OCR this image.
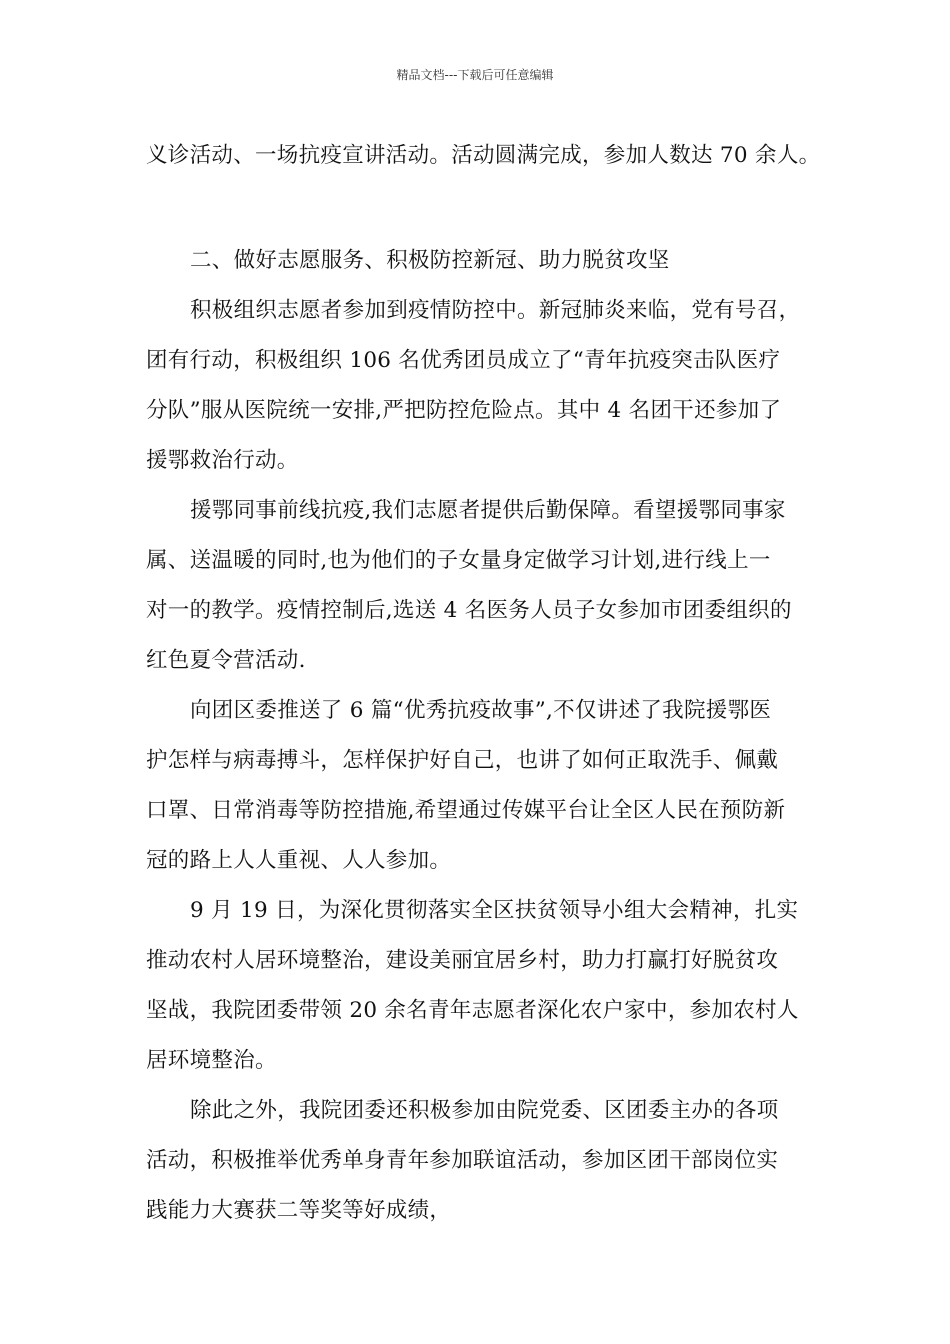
精品文档---下载后可任意编辑
义诊活动、一场抗疫宣讲活动。活动圆满完成，参加人数达 70 余人。
二、做好志愿服务、积极防控新冠、助力脱贫攻坚
积极组织志愿者参加到疫情防控中。新冠肺炎来临，党有号召，
团有行动，积极组织 106 名优秀团员成立了“青年抗疫突击队医疗
分队”服从医院统一安排,严把防控危险点。其中 4 名团干还参加了
援鄂救治行动。
援鄂同事前线抗疫,我们志愿者提供后勤保障。看望援鄂同事家
属、送温暖的同时,也为他们的子女量身定做学习计划,进行线上一
对一的教学。疫情控制后,选送 4 名医务人员子女参加市团委组织的
红色夏令营活动.
向团区委推送了 6 篇“优秀抗疫故事”,不仅讲述了我院援鄂医
护怎样与病毒搏斗，怎样保护好自己，也讲了如何正取洗手、佩戴
口罩、日常消毒等防控措施,希望通过传媒平台让全区人民在预防新
冠的路上人人重视、人人参加。
9 月 19 日，为深化贯彻落实全区扶贫领导小组大会精神，扎实
推动农村人居环境整治，建设美丽宜居乡村，助力打赢打好脱贫攻
坚战，我院团委带领 20 余名青年志愿者深化农户家中，参加农村人
居环境整治。
除此之外，我院团委还积极参加由院党委、区团委主办的各项
活动，积极推举优秀单身青年参加联谊活动，参加区团干部岗位实
践能力大赛获二等奖等好成绩，
